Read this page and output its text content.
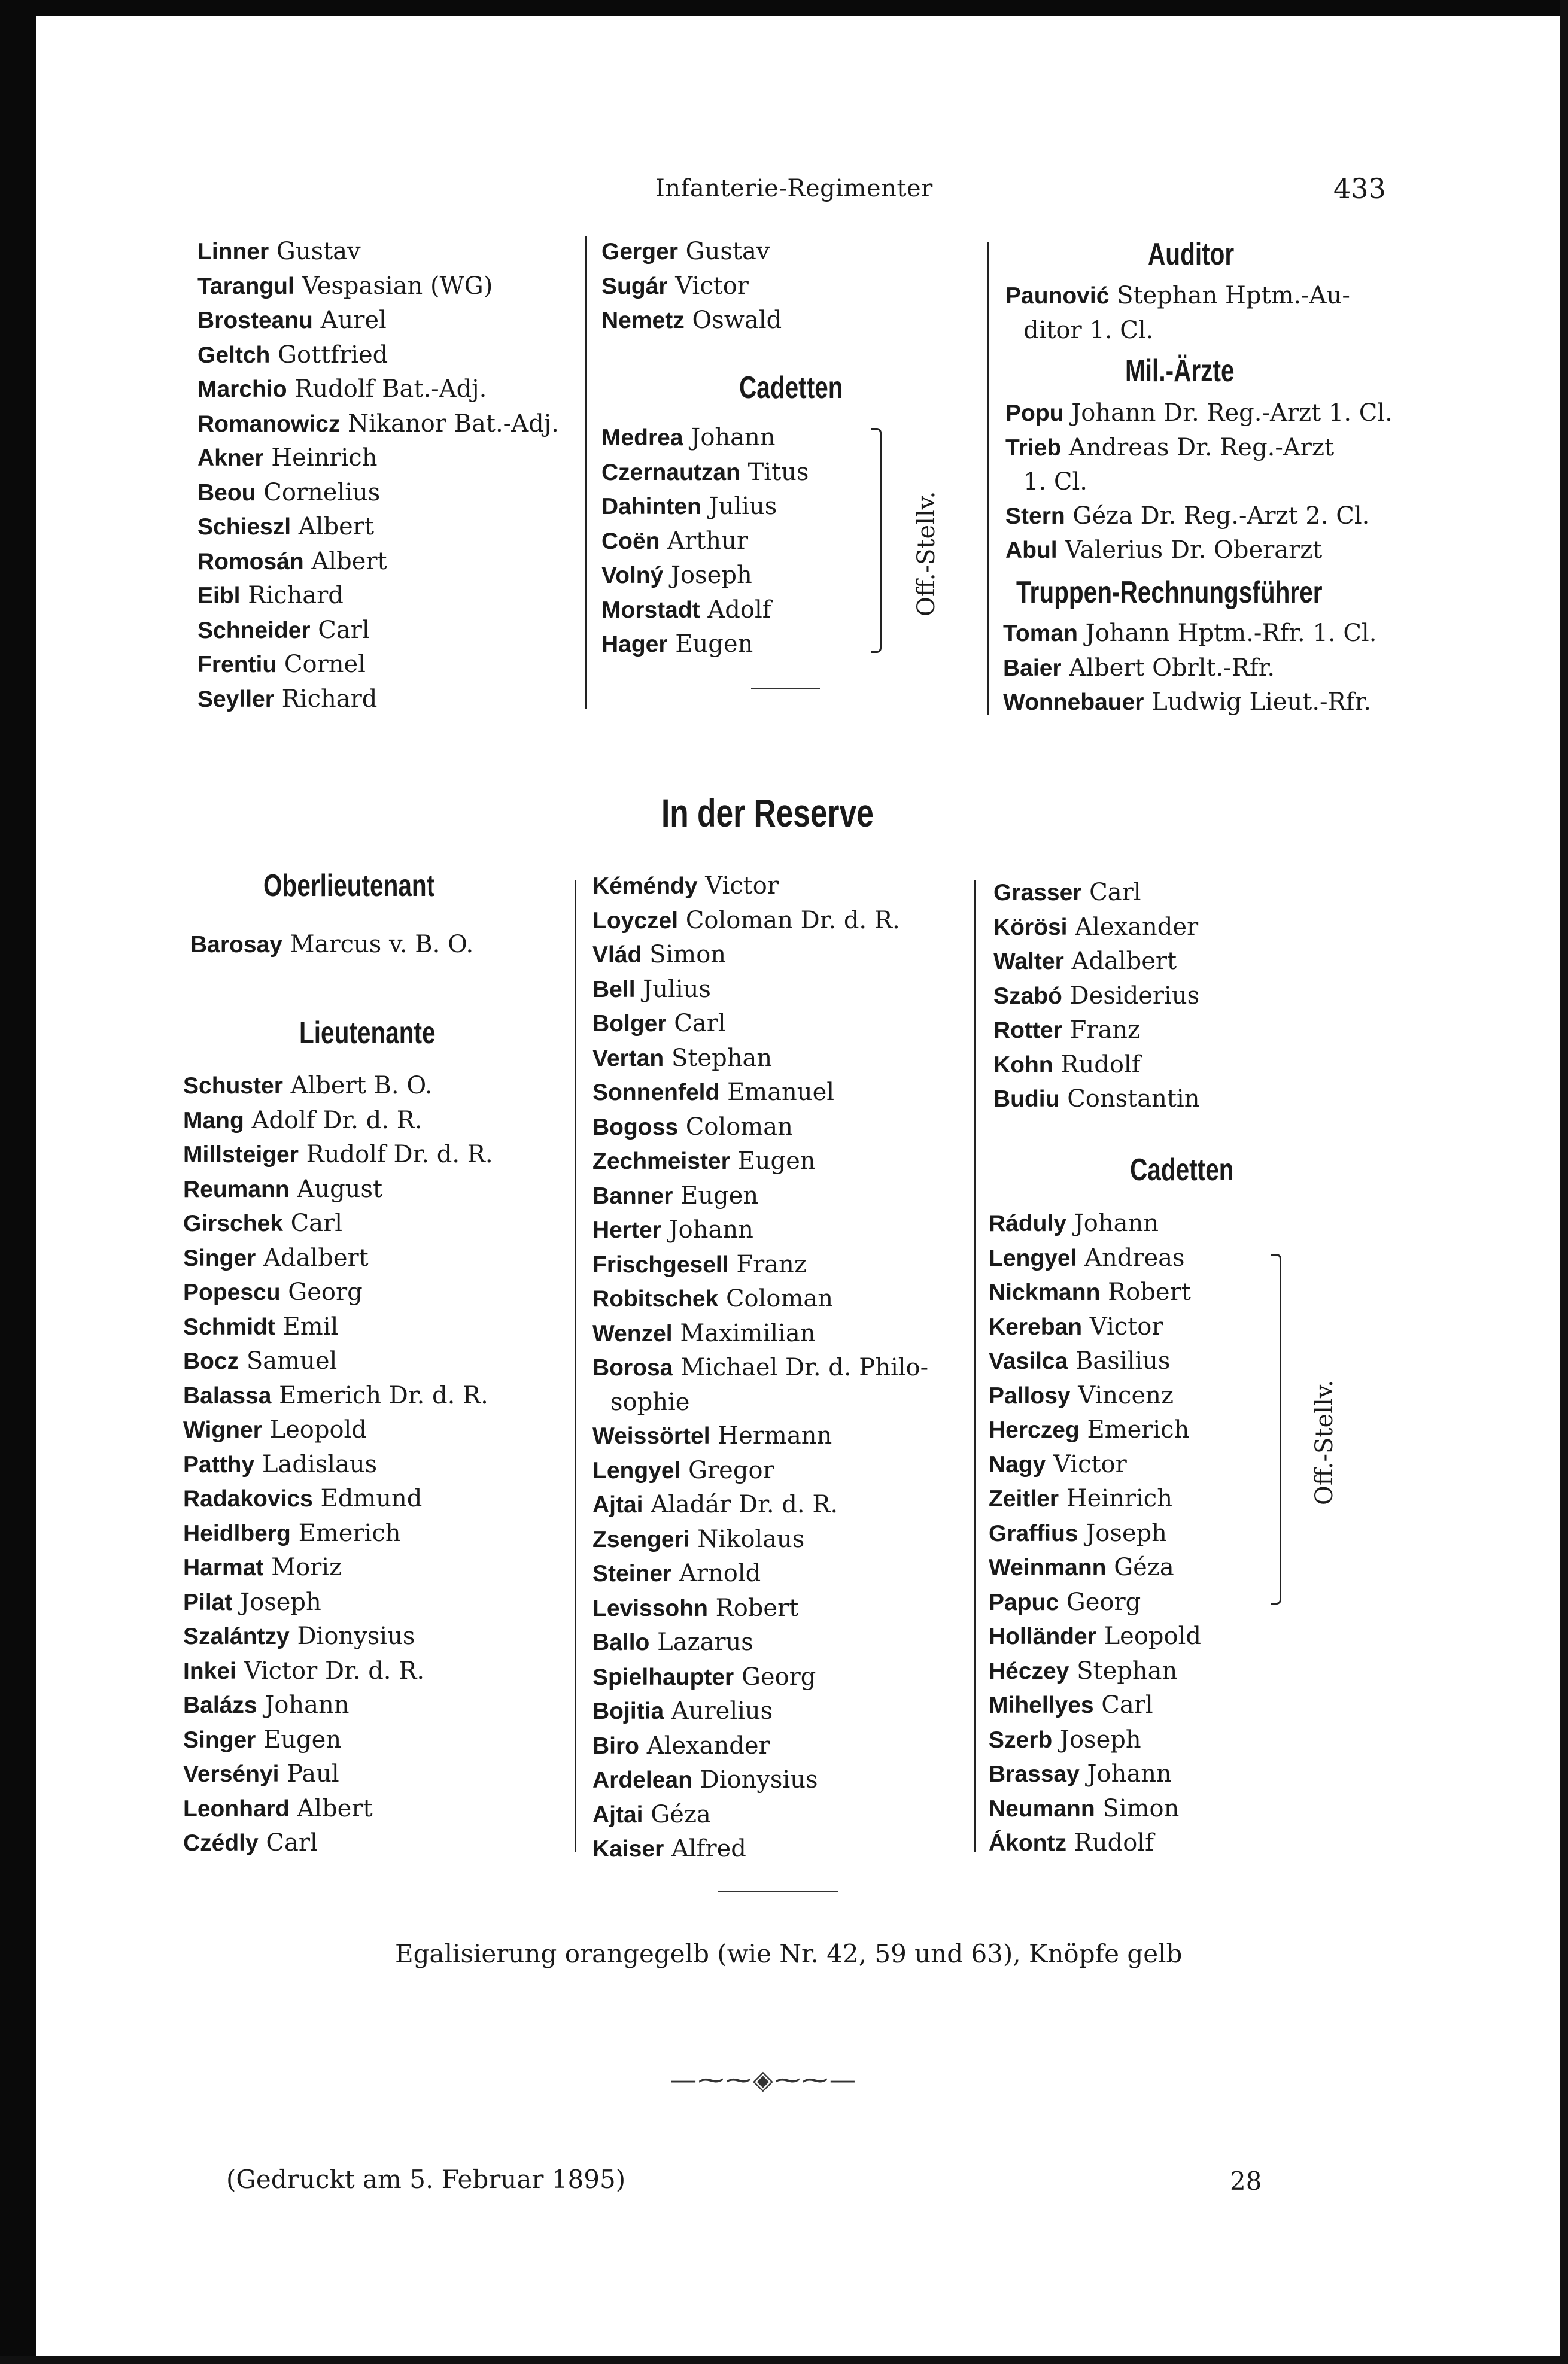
Infanterie-Regimenter	433
Linner Gustav
Tarangul Vespasian (WG)
Brosteanu Aurel
Geltch Gottfried
Marchio Rudolf Bat.-Adj.
Romanowicz Nikanor Bat.-Adj.
Akner Heinrich
Beou Cornelius
Schieszl Albert
Romosán Albert
Eibl Richard
Schneider Carl
Frentiu Cornel
Seyller Richard
Gerger Gustav
Sugár Victor
Nemetz Oswald
Cadetten
Medrea Johann
Czernautzan Titus
Dahinten Julius
Coën Arthur
Volný Joseph
Morstadt Adolf
Hager Eugen
Off.-Stellv.
Auditor
Paunović Stephan Hptm.-Au-
ditor 1. Cl.
Mil.-Ärzte
Popu Johann Dr. Reg.-Arzt 1. Cl.
Trieb Andreas Dr. Reg.-Arzt
1. Cl.
Stern Géza Dr. Reg.-Arzt 2. Cl.
Abul Valerius Dr. Oberarzt
Truppen-Rechnungsführer
Toman Johann Hptm.-Rfr. 1. Cl.
Baier Albert Obrlt.-Rfr.
Wonnebauer Ludwig Lieut.-Rfr.
In der Reserve
Oberlieutenant
Barosay Marcus v. B. O.
Lieutenante
Schuster Albert B. O.
Mang Adolf Dr. d. R.
Millsteiger Rudolf Dr. d. R.
Reumann August
Girschek Carl
Singer Adalbert
Popescu Georg
Schmidt Emil
Bocz Samuel
Balassa Emerich Dr. d. R.
Wigner Leopold
Patthy Ladislaus
Radakovics Edmund
Heidlberg Emerich
Harmat Moriz
Pilat Joseph
Szalántzy Dionysius
Inkei Victor Dr. d. R.
Balázs Johann
Singer Eugen
Versényi Paul
Leonhard Albert
Czédly Carl
Kéméndy Victor
Loyczel Coloman Dr. d. R.
Vlád Simon
Bell Julius
Bolger Carl
Vertan Stephan
Sonnenfeld Emanuel
Bogoss Coloman
Zechmeister Eugen
Banner Eugen
Herter Johann
Frischgesell Franz
Robitschek Coloman
Wenzel Maximilian
Borosa Michael Dr. d. Philo-
sophie
Weissörtel Hermann
Lengyel Gregor
Ajtai Aladár Dr. d. R.
Zsengeri Nikolaus
Steiner Arnold
Levissohn Robert
Ballo Lazarus
Spielhaupter Georg
Bojitia Aurelius
Biro Alexander
Ardelean Dionysius
Ajtai Géza
Kaiser Alfred
Grasser Carl
Körösi Alexander
Walter Adalbert
Szabó Desiderius
Rotter Franz
Kohn Rudolf
Budiu Constantin
Cadetten
Ráduly Johann
Lengyel Andreas
Nickmann Robert
Kereban Victor
Vasilca Basilius
Pallosy Vincenz
Herczeg Emerich
Nagy Victor
Zeitler Heinrich
Graffius Joseph
Weinmann Géza
Papuc Georg
Holländer Leopold
Héczey Stephan
Mihellyes Carl
Szerb Joseph
Brassay Johann
Neumann Simon
Ákontz Rudolf
Off.-Stellv.
Egalisierung orangegelb (wie Nr. 42, 59 und 63), Knöpfe gelb
—⁓⁓◈⁓⁓—
(Gedruckt am 5. Februar 1895)	28
